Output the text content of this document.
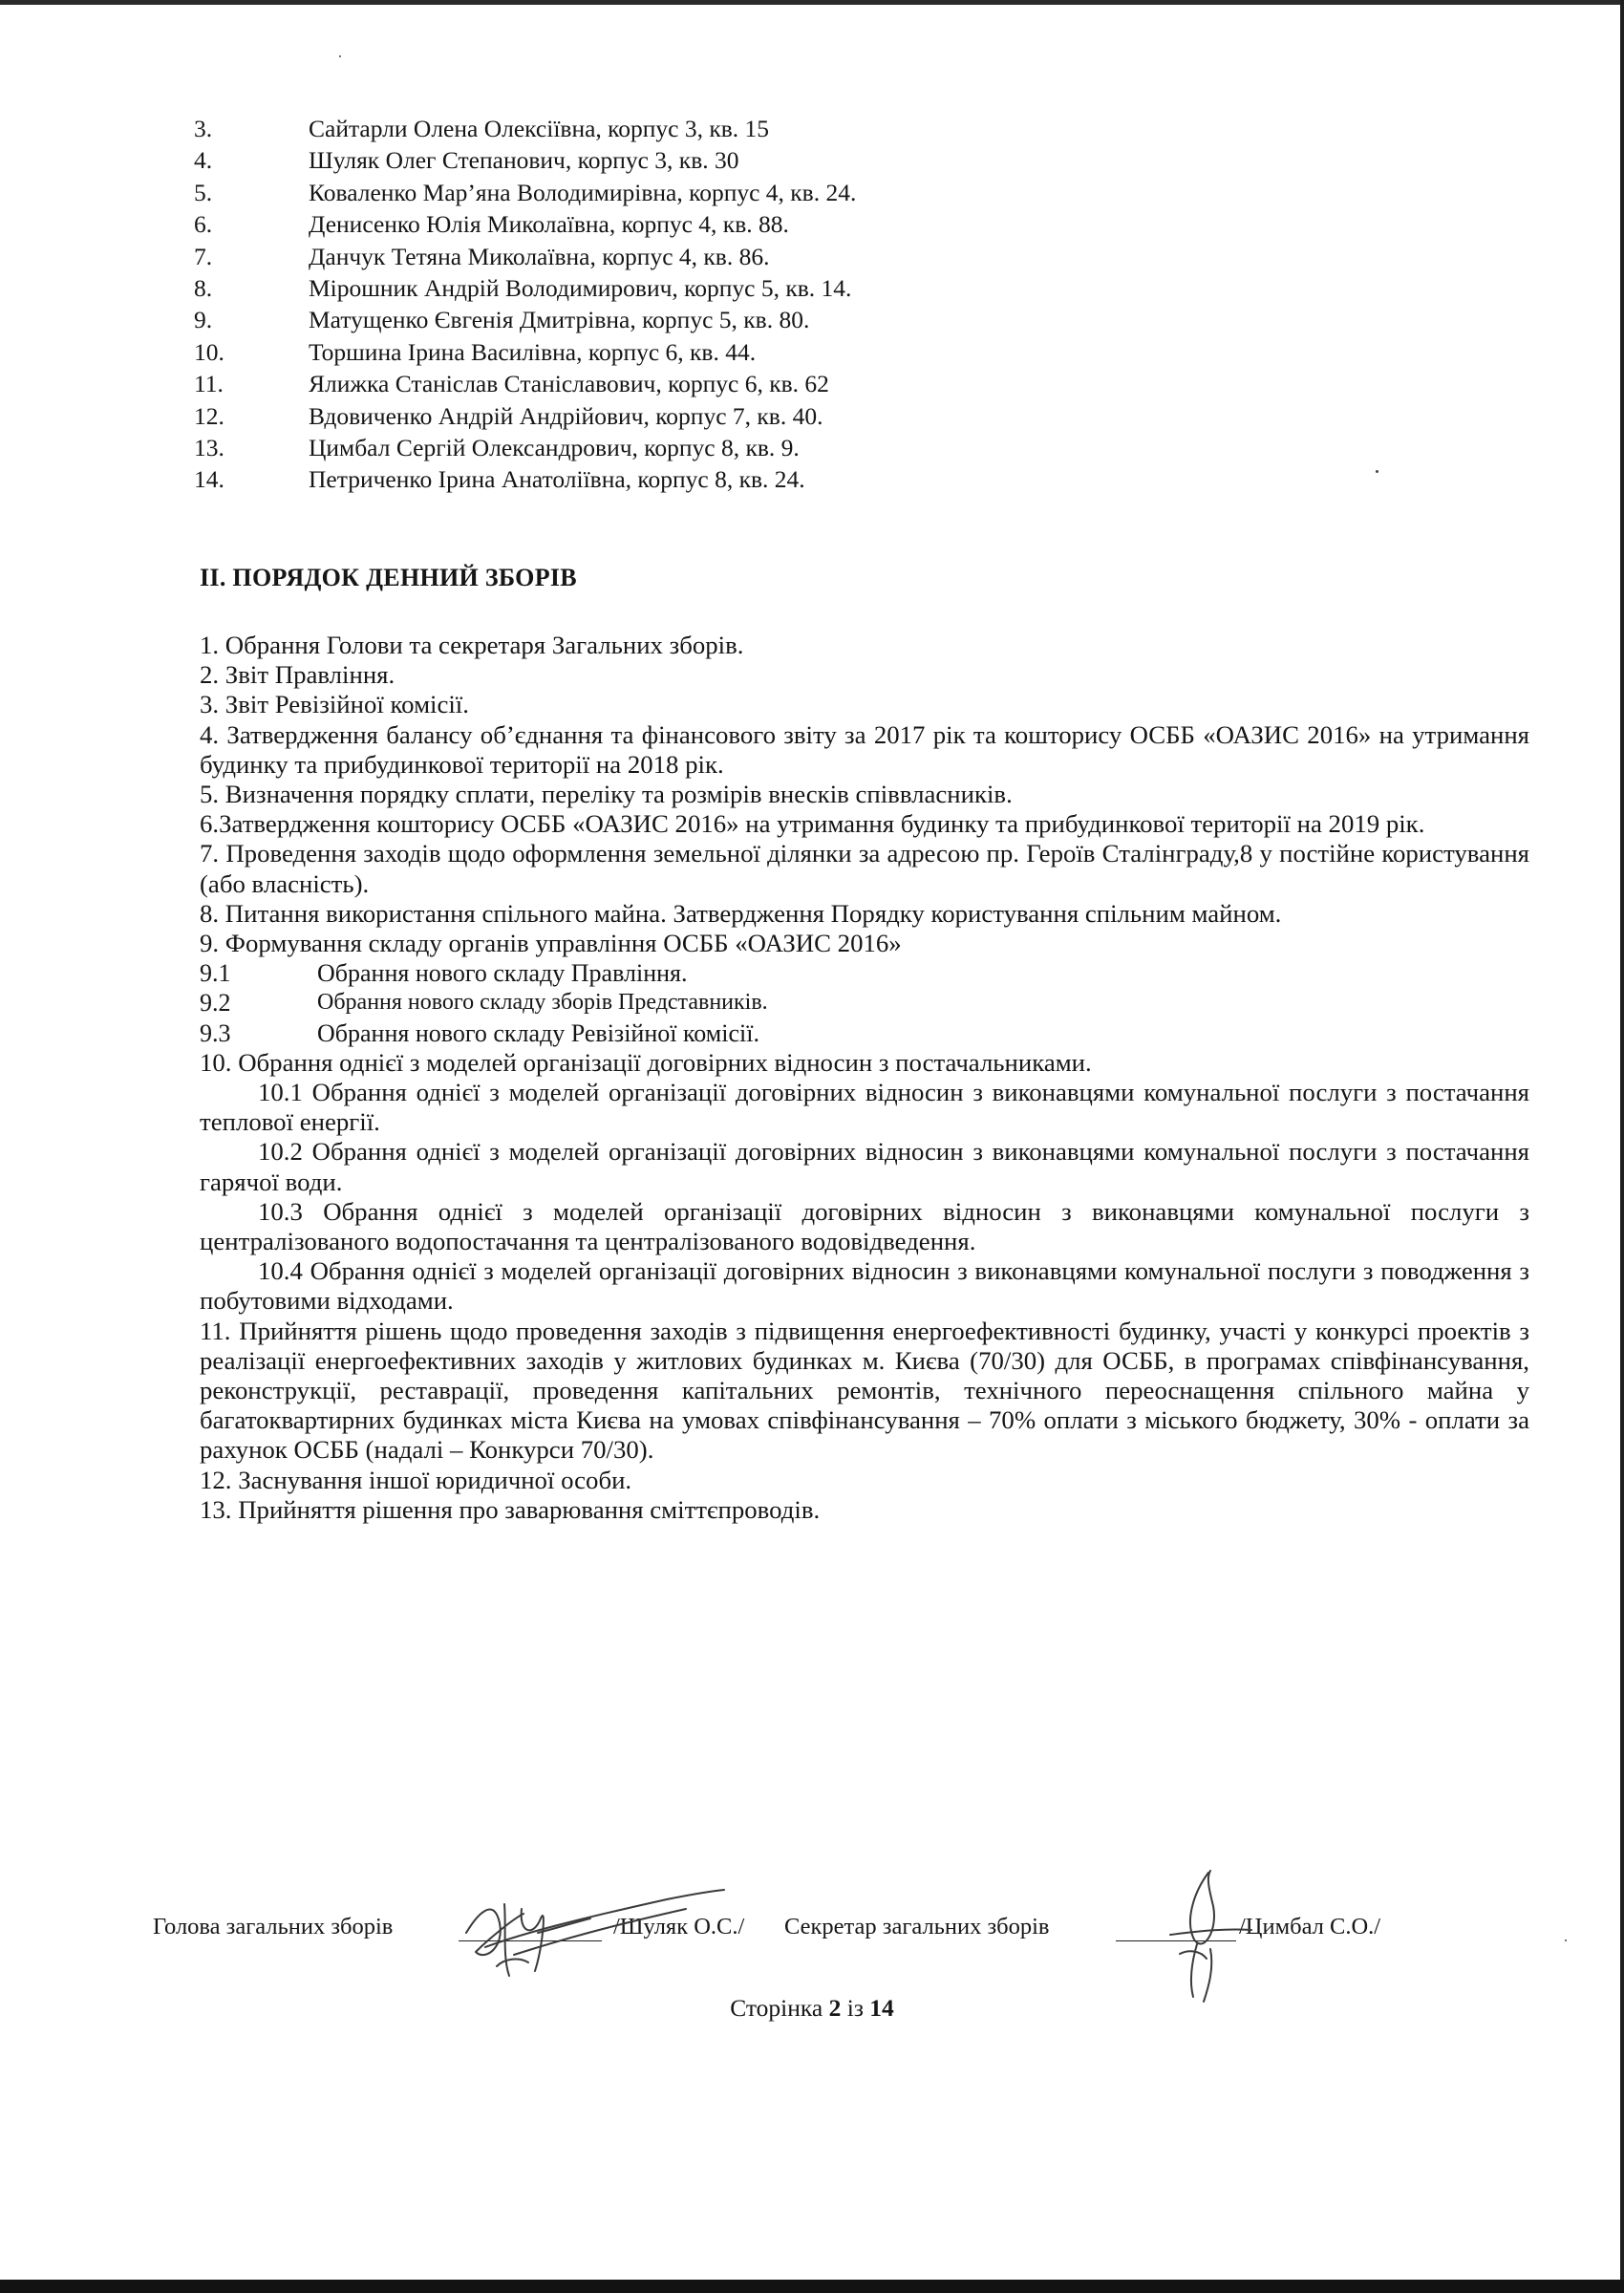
3.	Сайтарли Олена Олексіївна, корпус 3, кв. 15
4.	Шуляк Олег Степанович, корпус 3, кв. 30
5.	Коваленко Мар’яна Володимирівна, корпус 4, кв. 24.
6.	Денисенко Юлія Миколаївна, корпус 4, кв. 88.
7.	Данчук Тетяна Миколаївна, корпус 4, кв. 86.
8.	Мірошник Андрій Володимирович, корпус 5, кв. 14.
9.	Матущенко Євгенія Дмитрівна, корпус 5, кв. 80.
10.	Торшина Ірина Василівна, корпус 6, кв. 44.
11.	Ялижка Станіслав Станіславович, корпус 6, кв. 62
12.	Вдовиченко Андрій Андрійович, корпус 7, кв. 40.
13.	Цимбал Сергій Олександрович, корпус 8, кв. 9.
14.	Петриченко Ірина Анатоліївна, корпус 8, кв. 24.
ІІ. ПОРЯДОК ДЕННИЙ ЗБОРІВ
1. Обрання Голови та секретаря Загальних зборів.
2. Звіт Правління.
3. Звіт Ревізійної комісії.
4. Затвердження балансу об’єднання та фінансового звіту за 2017 рік та кошторису ОСББ «ОАЗИС 2016» на утримання будинку та прибудинкової території на 2018 рік.
5. Визначення порядку сплати, переліку та розмірів внесків співвласників.
6.Затвердження кошторису ОСББ «ОАЗИС 2016» на утримання будинку та прибудинкової території на 2019 рік.
7. Проведення заходів щодо оформлення земельної ділянки за адресою пр. Героїв Сталінграду,8 у постійне користування (або власність).
8. Питання використання спільного майна. Затвердження Порядку користування спільним майном.
9. Формування складу органів управління ОСББ «ОАЗИС 2016»
9.1	Обрання нового складу Правління.
9.2	Обрання нового складу зборів Представників.
9.3	Обрання нового складу Ревізійної комісії.
10. Обрання однієї з моделей організації договірних відносин з постачальниками.
10.1 Обрання однієї з моделей організації договірних відносин з виконавцями комунальної послуги з постачання теплової енергії.
10.2 Обрання однієї з моделей організації договірних відносин з виконавцями комунальної послуги з постачання гарячої води.
10.3 Обрання однієї з моделей організації договірних відносин з виконавцями комунальної послуги з централізованого водопостачання та централізованого водовідведення.
10.4 Обрання однієї з моделей організації договірних відносин з виконавцями комунальної послуги з поводження з побутовими відходами.
11. Прийняття рішень щодо проведення заходів з підвищення енергоефективності будинку, участі у конкурсі проектів з реалізації енергоефективних заходів у житлових будинках м. Києва (70/30) для ОСББ, в програмах співфінансування, реконструкції, реставрації, проведення капітальних ремонтів, технічного переоснащення спільного майна у багатоквартирних будинках міста Києва на умовах співфінансування – 70% оплати з міського бюджету, 30% - оплати за рахунок ОСББ (надалі – Конкурси 70/30).
12. Заснування іншої юридичної особи.
13. Прийняття рішення про заварювання сміттєпроводів.
Голова загальних зборів	/Шуляк О.С./ Секретар загальних зборів	/Цимбал С.О./
Сторінка 2 із 14
